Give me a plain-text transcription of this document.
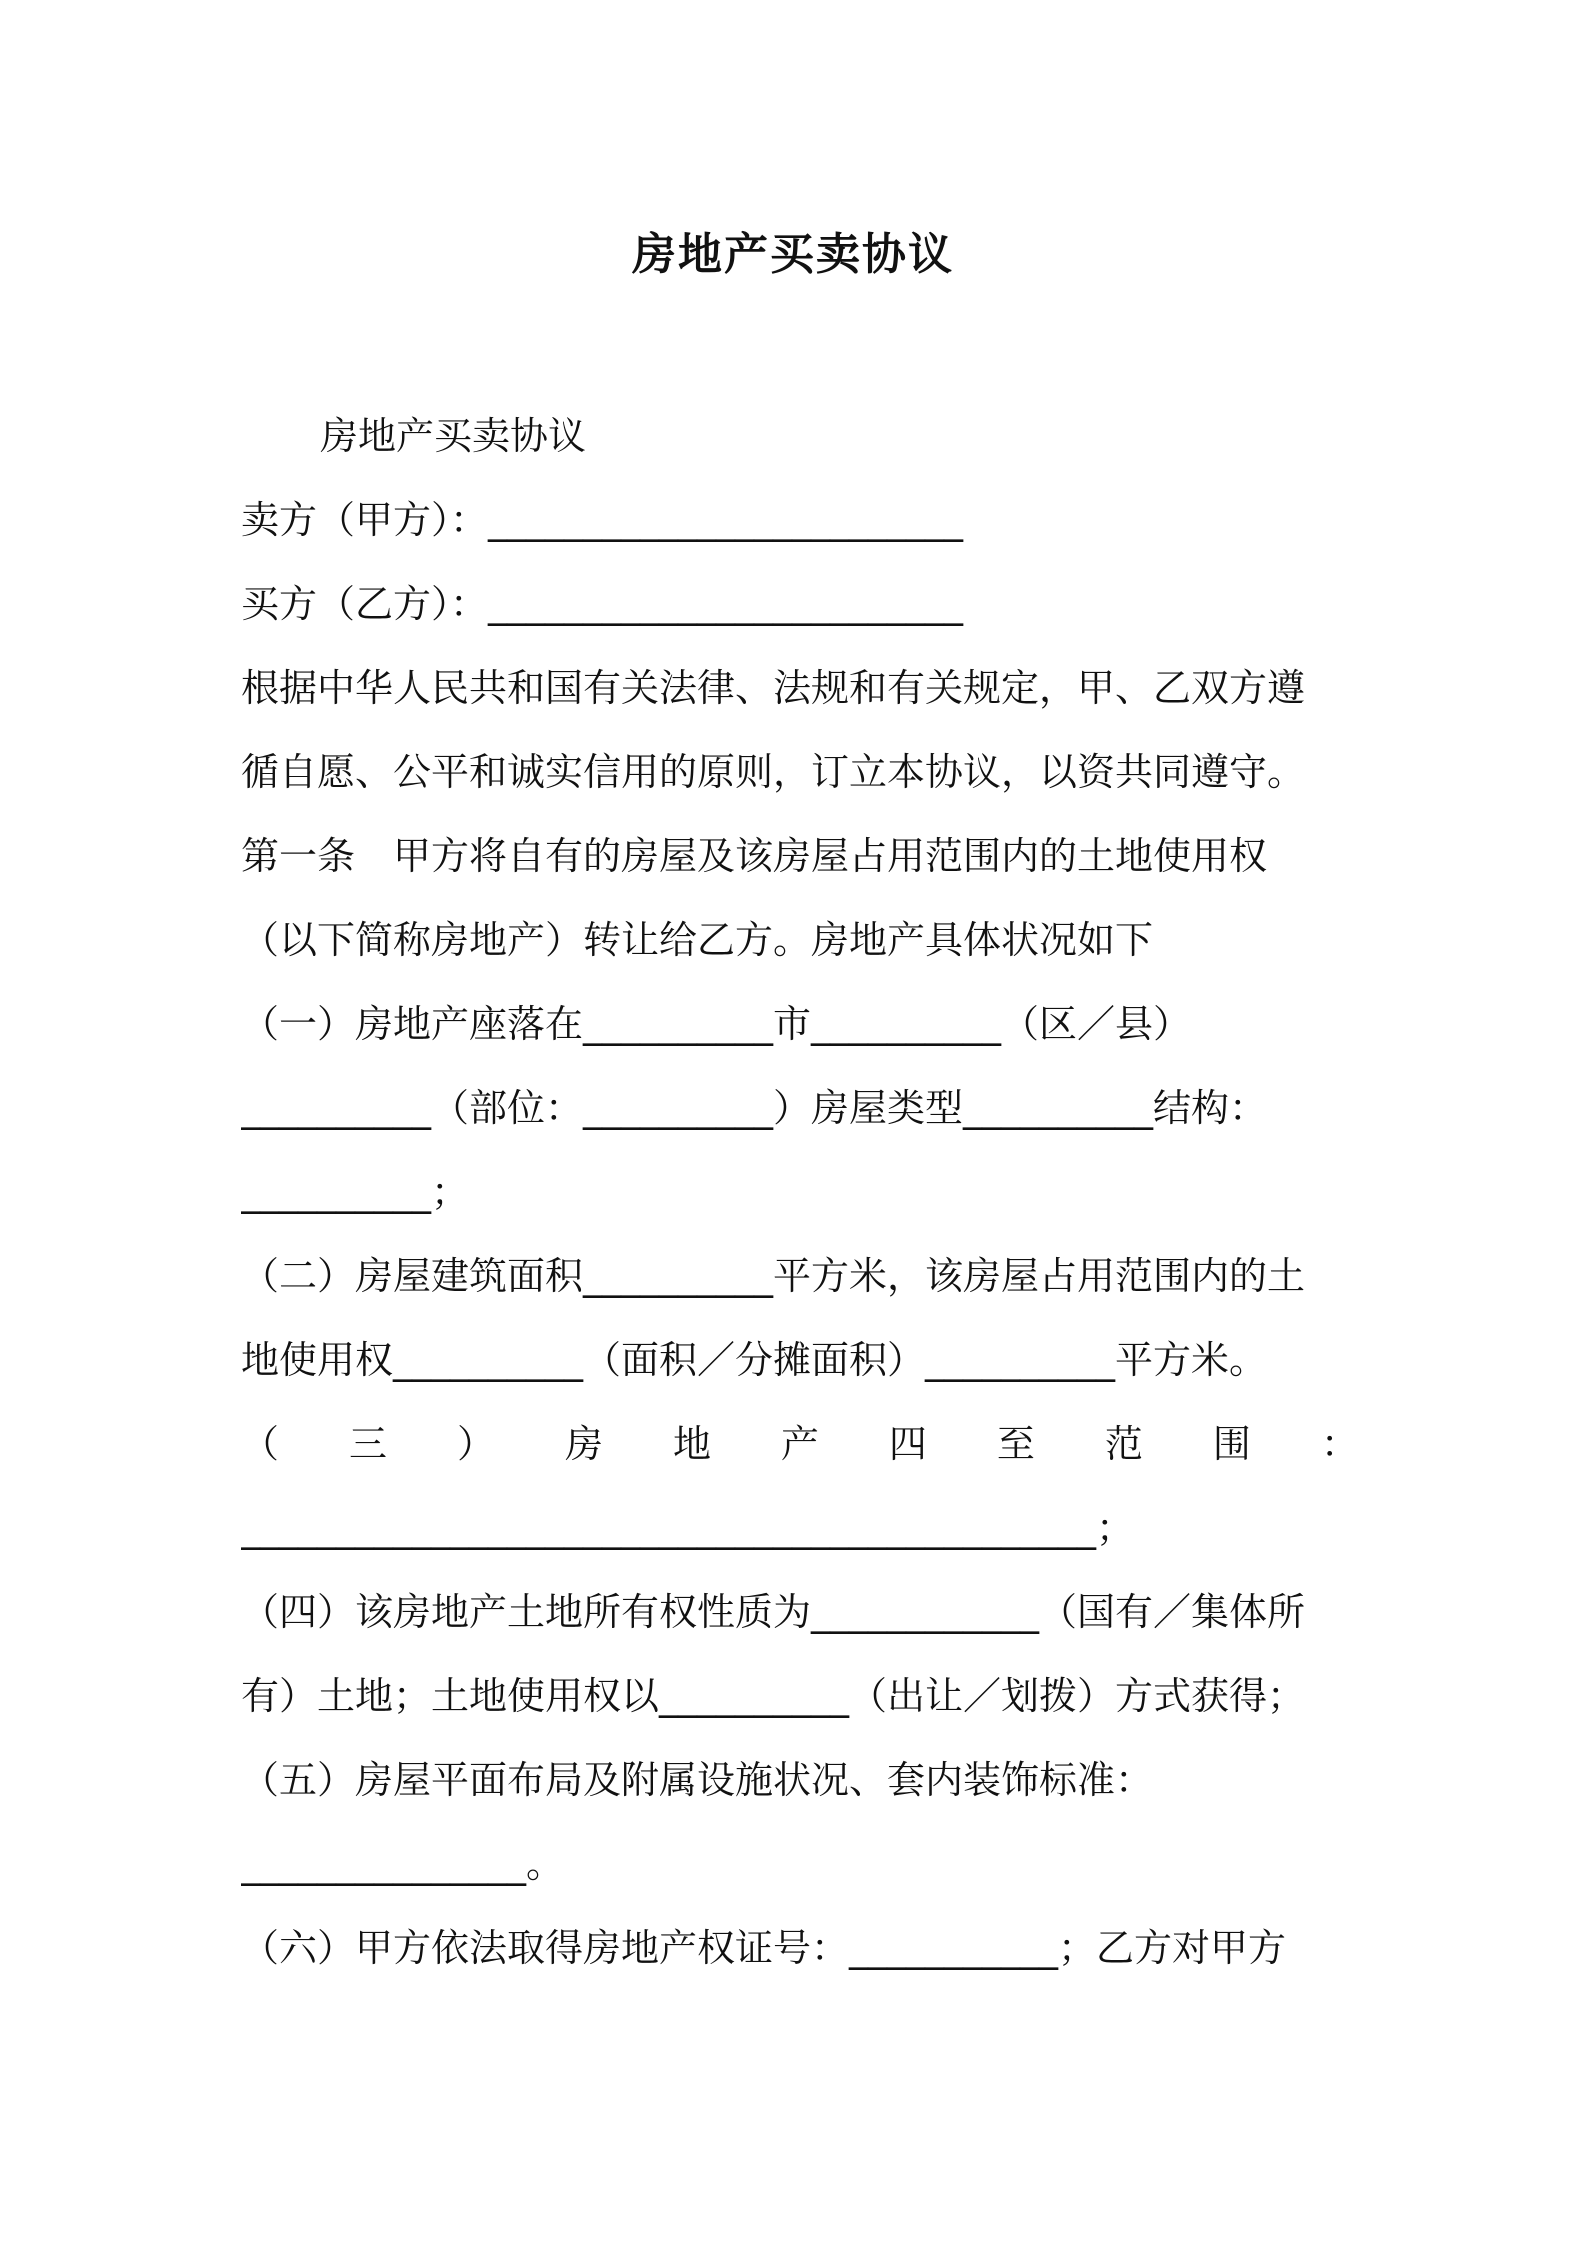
房地产买卖协议
房地产买卖协议
卖方（甲方）：_________________________
买方（乙方）：_________________________
根据中华人民共和国有关法律、法规和有关规定，甲、乙双方遵
循自愿、公平和诚实信用的原则，订立本协议，以资共同遵守。
第一条　甲方将自有的房屋及该房屋占用范围内的土地使用权
（以下简称房地产）转让给乙方。房地产具体状况如下
（一）房地产座落在__________市__________（区／县）
__________（部位：__________）房屋类型__________结构：
__________；
（二）房屋建筑面积__________平方米，该房屋占用范围内的土
地使用权__________（面积／分摊面积）__________平方米。
（ 三 ） 房 地 产 四 至 范 围 ：
_____________________________________________；
（四）该房地产土地所有权性质为____________（国有／集体所
有）土地；土地使用权以__________（出让／划拨）方式获得；
（五）房屋平面布局及附属设施状况、套内装饰标准：
_______________。
（六）甲方依法取得房地产权证号：___________；乙方对甲方
